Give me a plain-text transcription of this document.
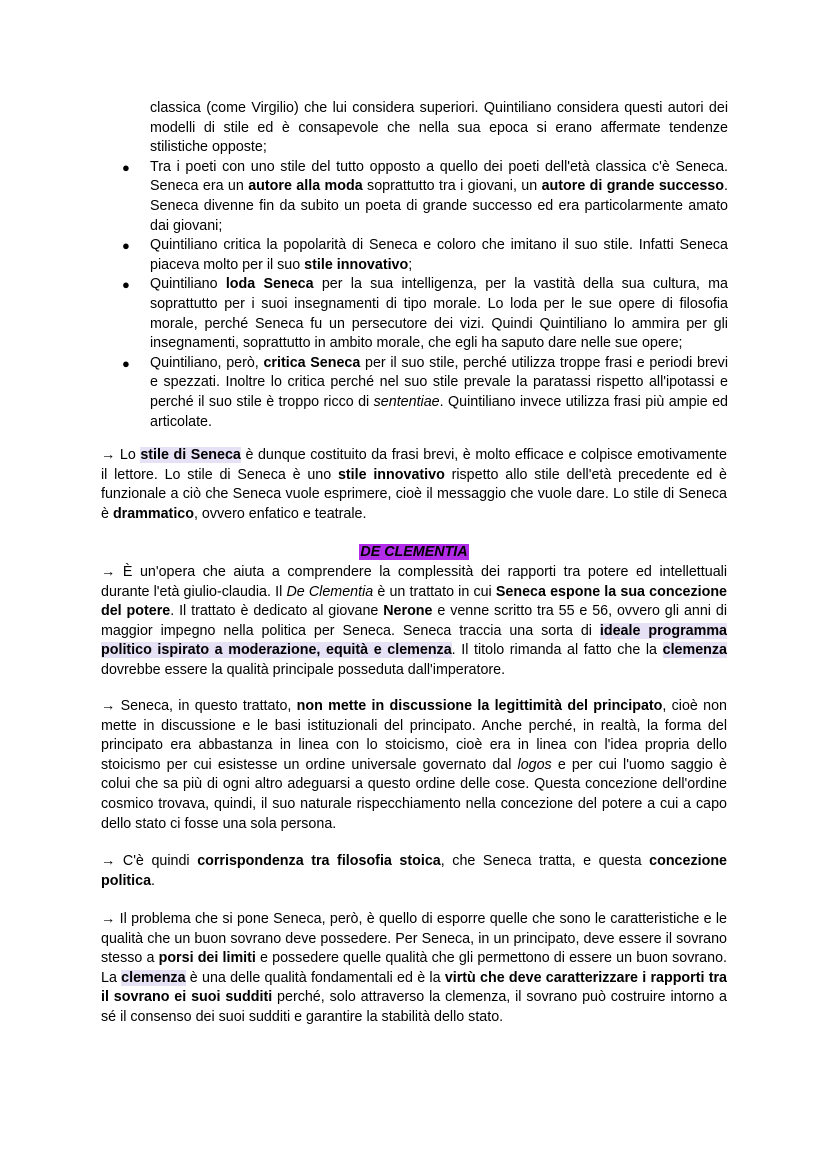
classica (come Virgilio) che lui considera superiori. Quintiliano considera questi autori dei modelli di stile ed è consapevole che nella sua epoca si erano affermate tendenze stilistiche opposte;
● Tra i poeti con uno stile del tutto opposto a quello dei poeti dell'età classica c'è Seneca. Seneca era un autore alla moda soprattutto tra i giovani, un autore di grande successo. Seneca divenne fin da subito un poeta di grande successo ed era particolarmente amato dai giovani;
● Quintiliano critica la popolarità di Seneca e coloro che imitano il suo stile. Infatti Seneca piaceva molto per il suo stile innovativo;
● Quintiliano loda Seneca per la sua intelligenza, per la vastità della sua cultura, ma soprattutto per i suoi insegnamenti di tipo morale. Lo loda per le sue opere di filosofia morale, perché Seneca fu un persecutore dei vizi. Quindi Quintiliano lo ammira per gli insegnamenti, soprattutto in ambito morale, che egli ha saputo dare nelle sue opere;
● Quintiliano, però, critica Seneca per il suo stile, perché utilizza troppe frasi e periodi brevi e spezzati. Inoltre lo critica perché nel suo stile prevale la paratassi rispetto all'ipotassi e perché il suo stile è troppo ricco di sententiae. Quintiliano invece utilizza frasi più ampie ed articolate.

→ Lo stile di Seneca è dunque costituito da frasi brevi, è molto efficace e colpisce emotivamente il lettore. Lo stile di Seneca è uno stile innovativo rispetto allo stile dell'età precedente ed è funzionale a ciò che Seneca vuole esprimere, cioè il messaggio che vuole dare. Lo stile di Seneca è drammatico, ovvero enfatico e teatrale.

DE CLEMENTIA

→ È un'opera che aiuta a comprendere la complessità dei rapporti tra potere ed intellettuali durante l'età giulio-claudia. Il De Clementia è un trattato in cui Seneca espone la sua concezione del potere. Il trattato è dedicato al giovane Nerone e venne scritto tra 55 e 56, ovvero gli anni di maggior impegno nella politica per Seneca. Seneca traccia una sorta di ideale programma politico ispirato a moderazione, equità e clemenza. Il titolo rimanda al fatto che la clemenza dovrebbe essere la qualità principale posseduta dall'imperatore.

→ Seneca, in questo trattato, non mette in discussione la legittimità del principato, cioè non mette in discussione e le basi istituzionali del principato. Anche perché, in realtà, la forma del principato era abbastanza in linea con lo stoicismo, cioè era in linea con l'idea propria dello stoicismo per cui esistesse un ordine universale governato dal logos e per cui l'uomo saggio è colui che sa più di ogni altro adeguarsi a questo ordine delle cose. Questa concezione dell'ordine cosmico trovava, quindi, il suo naturale rispecchiamento nella concezione del potere a cui a capo dello stato ci fosse una sola persona.

→ C'è quindi corrispondenza tra filosofia stoica, che Seneca tratta, e questa concezione politica.

→ Il problema che si pone Seneca, però, è quello di esporre quelle che sono le caratteristiche e le qualità che un buon sovrano deve possedere. Per Seneca, in un principato, deve essere il sovrano stesso a porsi dei limiti e possedere quelle qualità che gli permettono di essere un buon sovrano. La clemenza è una delle qualità fondamentali ed è la virtù che deve caratterizzare i rapporti tra il sovrano ei suoi sudditi perché, solo attraverso la clemenza, il sovrano può costruire intorno a sé il consenso dei suoi sudditi e garantire la stabilità dello stato.
